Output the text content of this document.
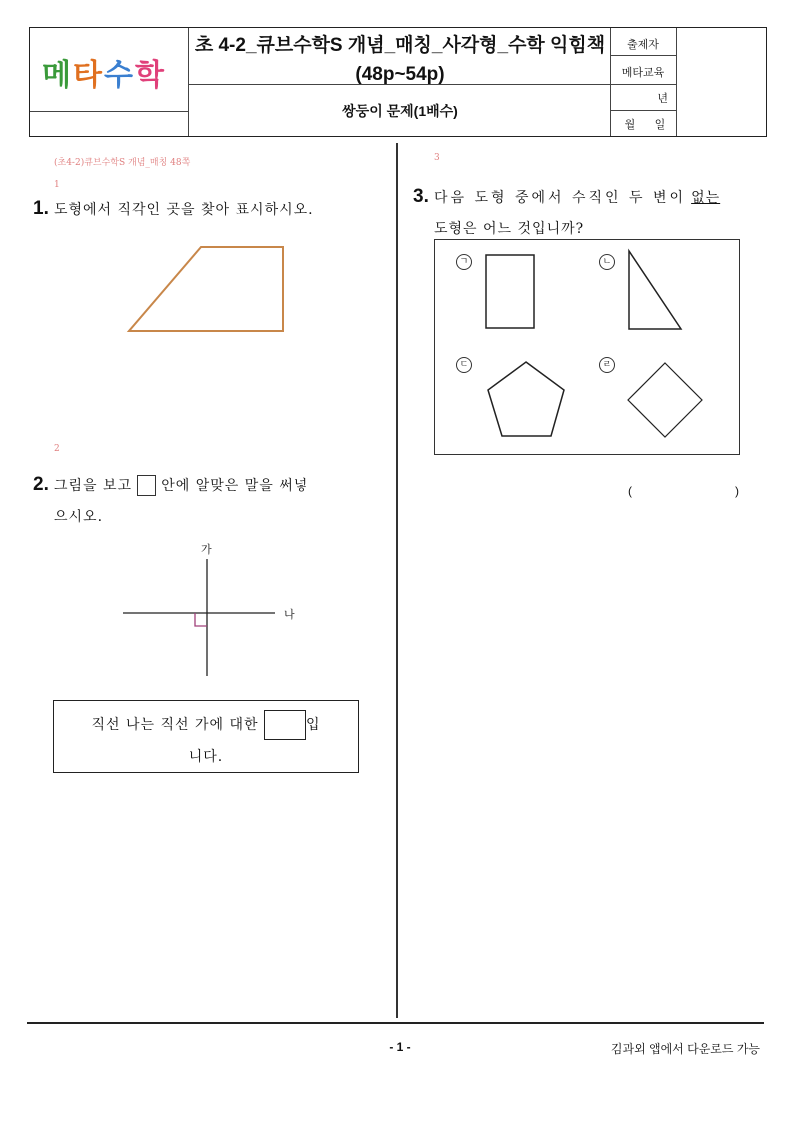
메타수학
초 4-2_큐브수학S 개념_매칭_사각형_수학 익힘책
(48p~54p)
쌍둥이 문제(1배수)
출제자
메타교육
년
월	일
(초4-2)큐브수학S 개념_매칭 48쪽
1
1. 도형에서 직각인 곳을 찾아 표시하시오.
2
2. 그림을 보고 안에 알맞은 말을 써넣
으시오.
가
나
직선 나는 직선 가에 대한	입
니다.
3
3. 다음 도형 중에서 수직인 두 변이 없는
도형은 어느 것입니까?
ㄱ	ㄴ
ㄷ	ㄹ
(	)
- 1 -	김과외 앱에서 다운로드 가능
